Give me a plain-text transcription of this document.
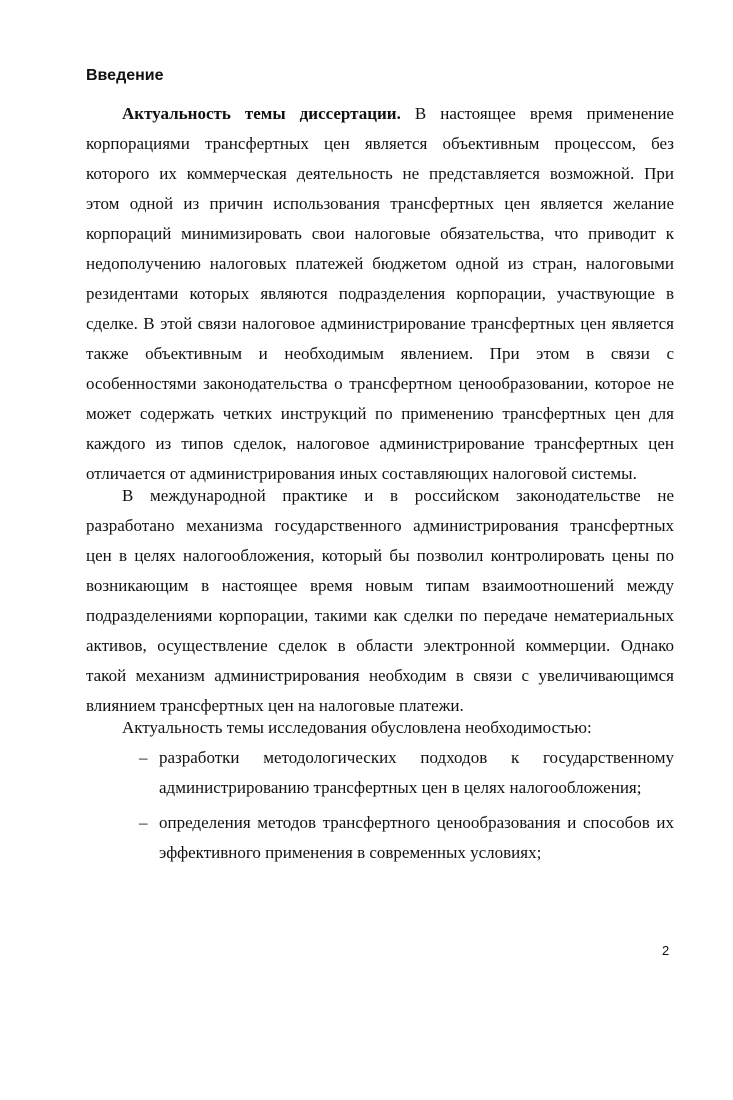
Введение
Актуальность темы диссертации. В настоящее время применение
корпорациями трансфертных цен является объективным процессом, без
которого их коммерческая деятельность не представляется возможной. При
этом одной из причин использования трансфертных цен является желание
корпораций минимизировать свои налоговые обязательства, что приводит к
недополучению налоговых платежей бюджетом одной из стран, налоговыми
резидентами которых являются подразделения корпорации, участвующие в
сделке. В этой связи налоговое администрирование трансфертных цен является
также объективным и необходимым явлением. При этом в связи с
особенностями законодательства о трансфертном ценообразовании, которое не
может содержать четких инструкций по применению трансфертных цен для
каждого из типов сделок, налоговое администрирование трансфертных цен
отличается от администрирования иных составляющих налоговой системы.
В международной практике и в российском законодательстве не
разработано механизма государственного администрирования трансфертных
цен в целях налогообложения, который бы позволил контролировать цены по
возникающим в настоящее время новым типам взаимоотношений между
подразделениями корпорации, такими как сделки по передаче нематериальных
активов, осуществление сделок в области электронной коммерции. Однако
такой механизм администрирования необходим в связи с увеличивающимся
влиянием трансфертных цен на налоговые платежи.
Актуальность темы исследования обусловлена необходимостью:
– разработки методологических подходов к государственному
администрированию трансфертных цен в целях налогообложения;
– определения методов трансфертного ценообразования и способов их
эффективного применения в современных условиях;
2
